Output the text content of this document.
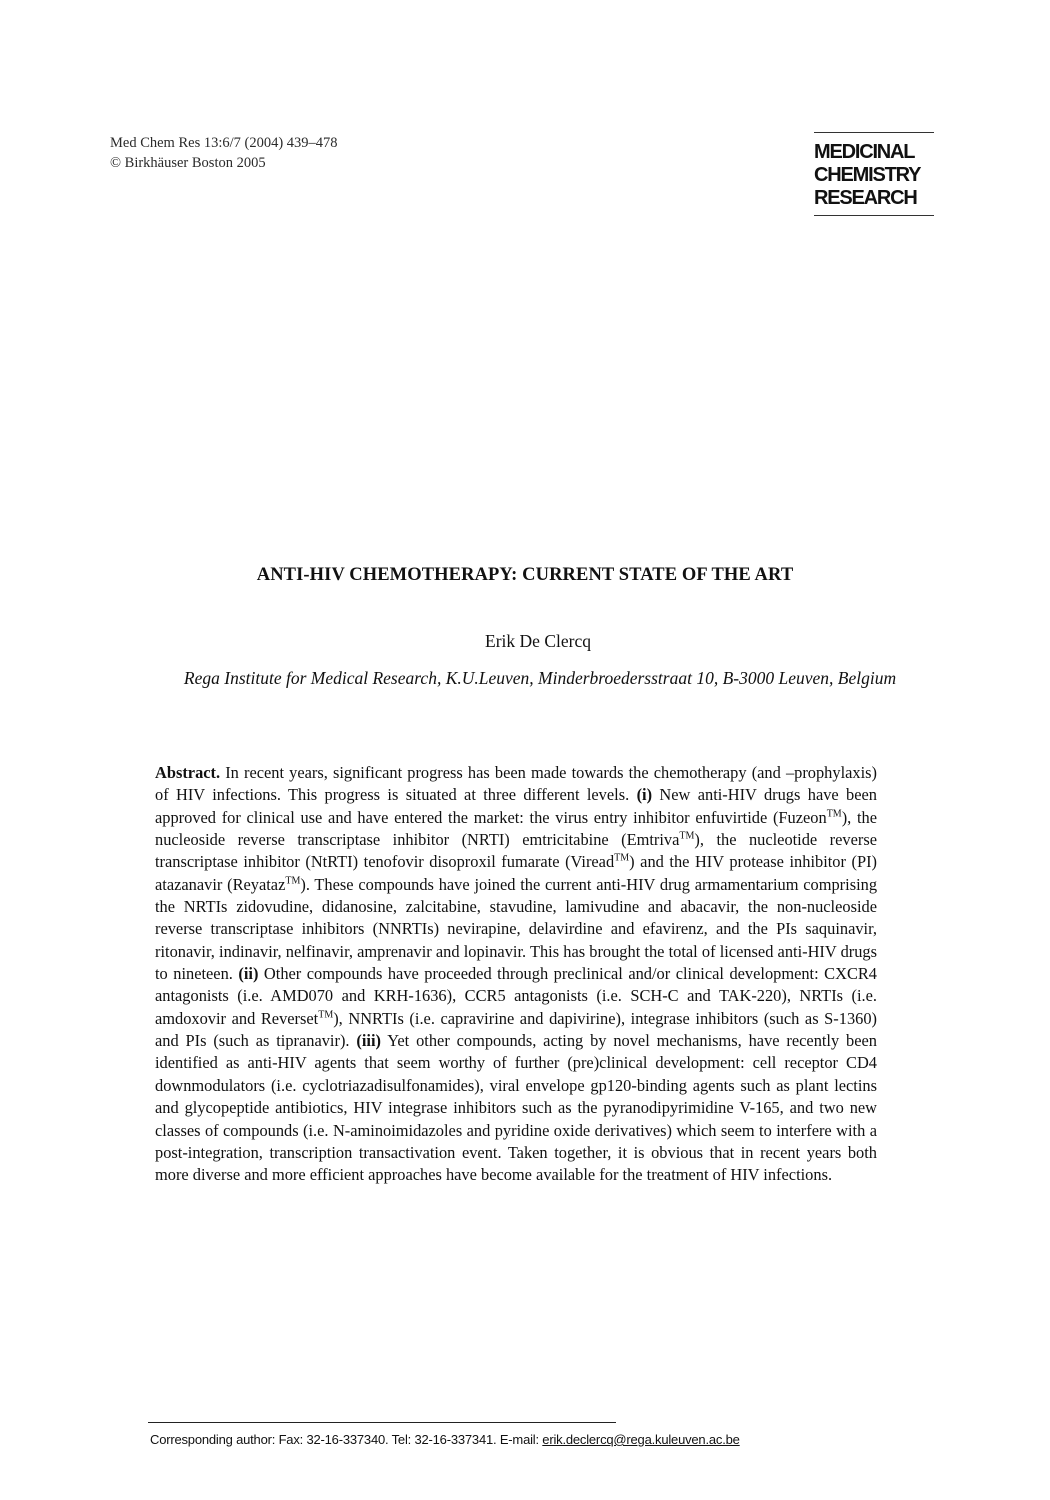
Med Chem Res 13:6/7 (2004) 439–478
© Birkhäuser Boston 2005	MEDICINAL
CHEMISTRY
RESEARCH
ANTI-HIV CHEMOTHERAPY: CURRENT STATE OF THE ART
Erik De Clercq
Rega Institute for Medical Research, K.U.Leuven, Minderbroedersstraat 10, B-3000 Leuven, Belgium
Abstract. In recent years, significant progress has been made towards the chemotherapy (and –prophylaxis) of HIV infections. This progress is situated at three different levels. (i) New anti-HIV drugs have been approved for clinical use and have entered the market: the virus entry inhibitor enfuvirtide (Fuzeon™), the nucleoside reverse transcriptase inhibitor (NRTI) emtricitabine (Emtriva™), the nucleotide reverse transcriptase inhibitor (NtRTI) tenofovir disoproxil fumarate (Viread™) and the HIV protease inhibitor (PI) atazanavir (Reyataz™). These compounds have joined the current anti-HIV drug armamentarium comprising the NRTIs zidovudine, didanosine, zalcitabine, stavudine, lamivudine and abacavir, the non-nucleoside reverse transcriptase inhibitors (NNRTIs) nevirapine, delavirdine and efavirenz, and the PIs saquinavir, ritonavir, indinavir, nelfinavir, amprenavir and lopinavir. This has brought the total of licensed anti-HIV drugs to nineteen. (ii) Other compounds have proceeded through preclinical and/or clinical development: CXCR4 antagonists (i.e. AMD070 and KRH-1636), CCR5 antagonists (i.e. SCH-C and TAK-220), NRTIs (i.e. amdoxovir and Reverset™), NNRTIs (i.e. capravirine and dapivirine), integrase inhibitors (such as S-1360) and PIs (such as tipranavir). (iii) Yet other compounds, acting by novel mechanisms, have recently been identified as anti-HIV agents that seem worthy of further (pre)clinical development: cell receptor CD4 downmodulators (i.e. cyclotriazadisulfonamides), viral envelope gp120-binding agents such as plant lectins and glycopeptide antibiotics, HIV integrase inhibitors such as the pyranodipyrimidine V-165, and two new classes of compounds (i.e. N-aminoimidazoles and pyridine oxide derivatives) which seem to interfere with a post-integration, transcription transactivation event. Taken together, it is obvious that in recent years both more diverse and more efficient approaches have become available for the treatment of HIV infections.
Corresponding author: Fax: 32-16-337340. Tel: 32-16-337341. E-mail: erik.declercq@rega.kuleuven.ac.be
